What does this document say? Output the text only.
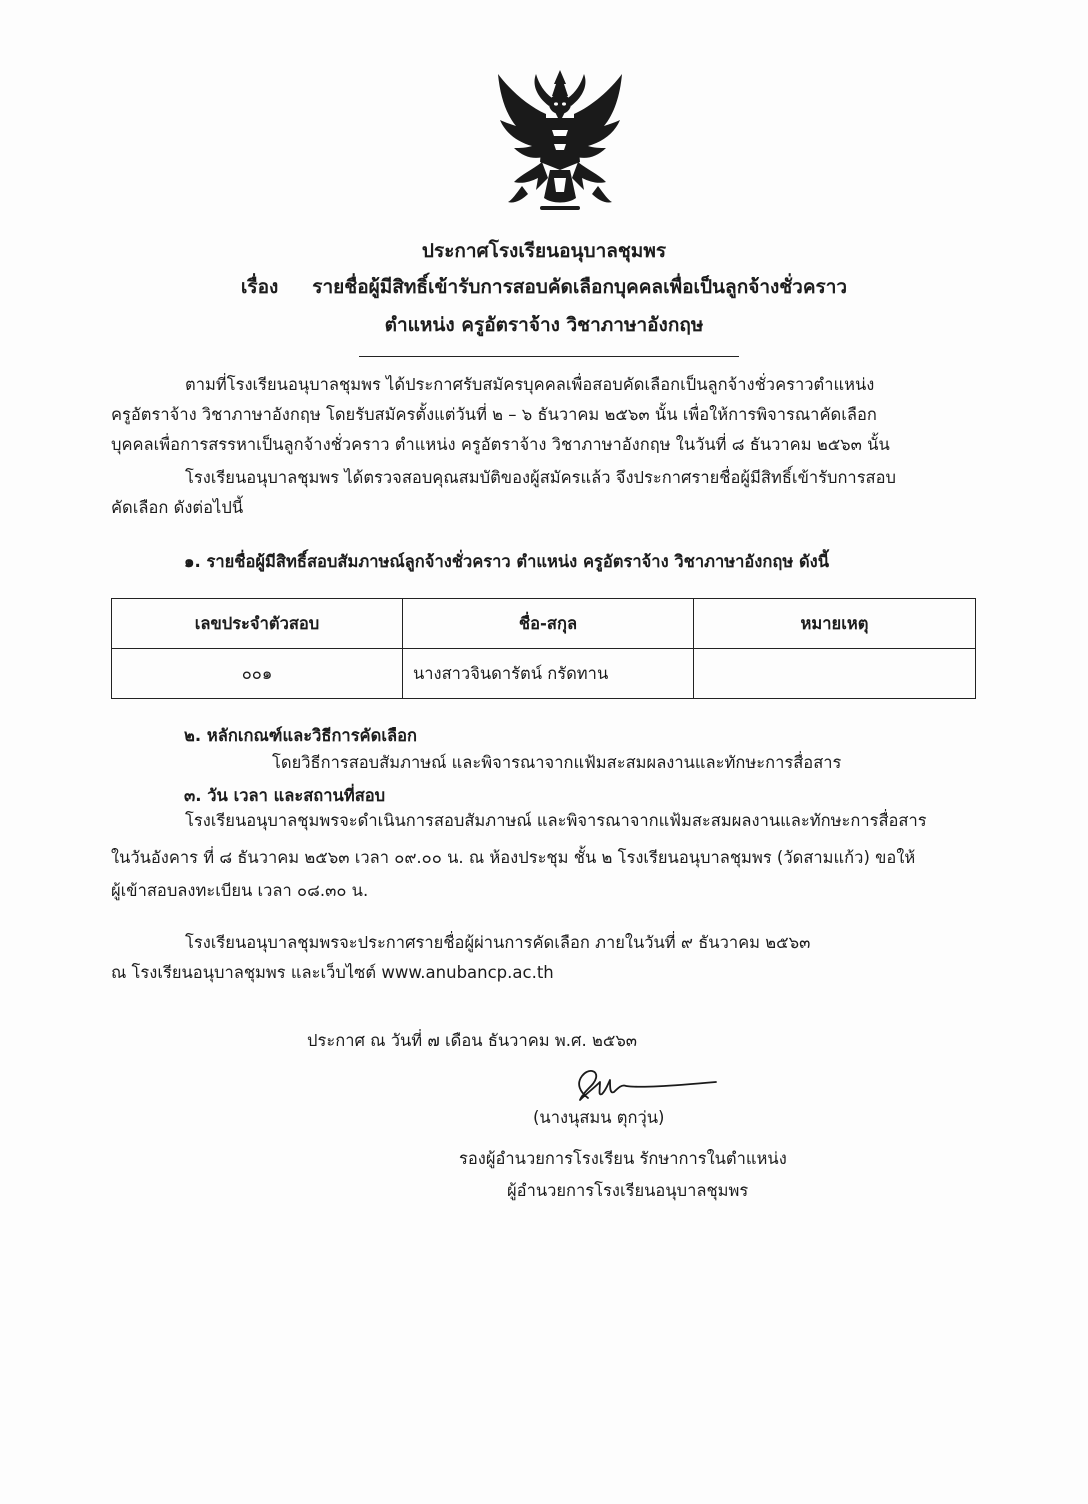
ประกาศโรงเรียนอนุบาลชุมพร
เรื่อง รายชื่อผู้มีสิทธิ์เข้ารับการสอบคัดเลือกบุคคลเพื่อเป็นลูกจ้างชั่วคราว
ตำแหน่ง ครูอัตราจ้าง วิชาภาษาอังกฤษ
ตามที่โรงเรียนอนุบาลชุมพร ได้ประกาศรับสมัครบุคคลเพื่อสอบคัดเลือกเป็นลูกจ้างชั่วคราวตำแหน่ง
ครูอัตราจ้าง วิชาภาษาอังกฤษ โดยรับสมัครตั้งแต่วันที่ ๒ – ๖ ธันวาคม ๒๕๖๓ นั้น เพื่อให้การพิจารณาคัดเลือก
บุคคลเพื่อการสรรหาเป็นลูกจ้างชั่วคราว ตำแหน่ง ครูอัตราจ้าง วิชาภาษาอังกฤษ ในวันที่ ๘ ธันวาคม ๒๕๖๓ นั้น
โรงเรียนอนุบาลชุมพร ได้ตรวจสอบคุณสมบัติของผู้สมัครแล้ว จึงประกาศรายชื่อผู้มีสิทธิ์เข้ารับการสอบ
คัดเลือก ดังต่อไปนี้
๑. รายชื่อผู้มีสิทธิ์สอบสัมภาษณ์ลูกจ้างชั่วคราว ตำแหน่ง ครูอัตราจ้าง วิชาภาษาอังกฤษ ดังนี้
เลขประจำตัวสอบ	ชื่อ-สกุล	หมายเหตุ
๐๐๑	นางสาวจินดารัตน์ กรัดทาน	
๒. หลักเกณฑ์และวิธีการคัดเลือก
โดยวิธีการสอบสัมภาษณ์ และพิจารณาจากแฟ้มสะสมผลงานและทักษะการสื่อสาร
๓. วัน เวลา และสถานที่สอบ
โรงเรียนอนุบาลชุมพรจะดำเนินการสอบสัมภาษณ์ และพิจารณาจากแฟ้มสะสมผลงานและทักษะการสื่อสาร
ในวันอังคาร ที่ ๘ ธันวาคม ๒๕๖๓ เวลา ๐๙.๐๐ น. ณ ห้องประชุม ชั้น ๒ โรงเรียนอนุบาลชุมพร (วัดสามแก้ว) ขอให้
ผู้เข้าสอบลงทะเบียน เวลา ๐๘.๓๐ น.
โรงเรียนอนุบาลชุมพรจะประกาศรายชื่อผู้ผ่านการคัดเลือก ภายในวันที่ ๙ ธันวาคม ๒๕๖๓
ณ โรงเรียนอนุบาลชุมพร และเว็บไซต์ www.anubancp.ac.th
ประกาศ ณ วันที่ ๗ เดือน ธันวาคม พ.ศ. ๒๕๖๓
(นางนุสมน ตุกวุ่น)
รองผู้อำนวยการโรงเรียน รักษาการในตำแหน่ง
ผู้อำนวยการโรงเรียนอนุบาลชุมพร
